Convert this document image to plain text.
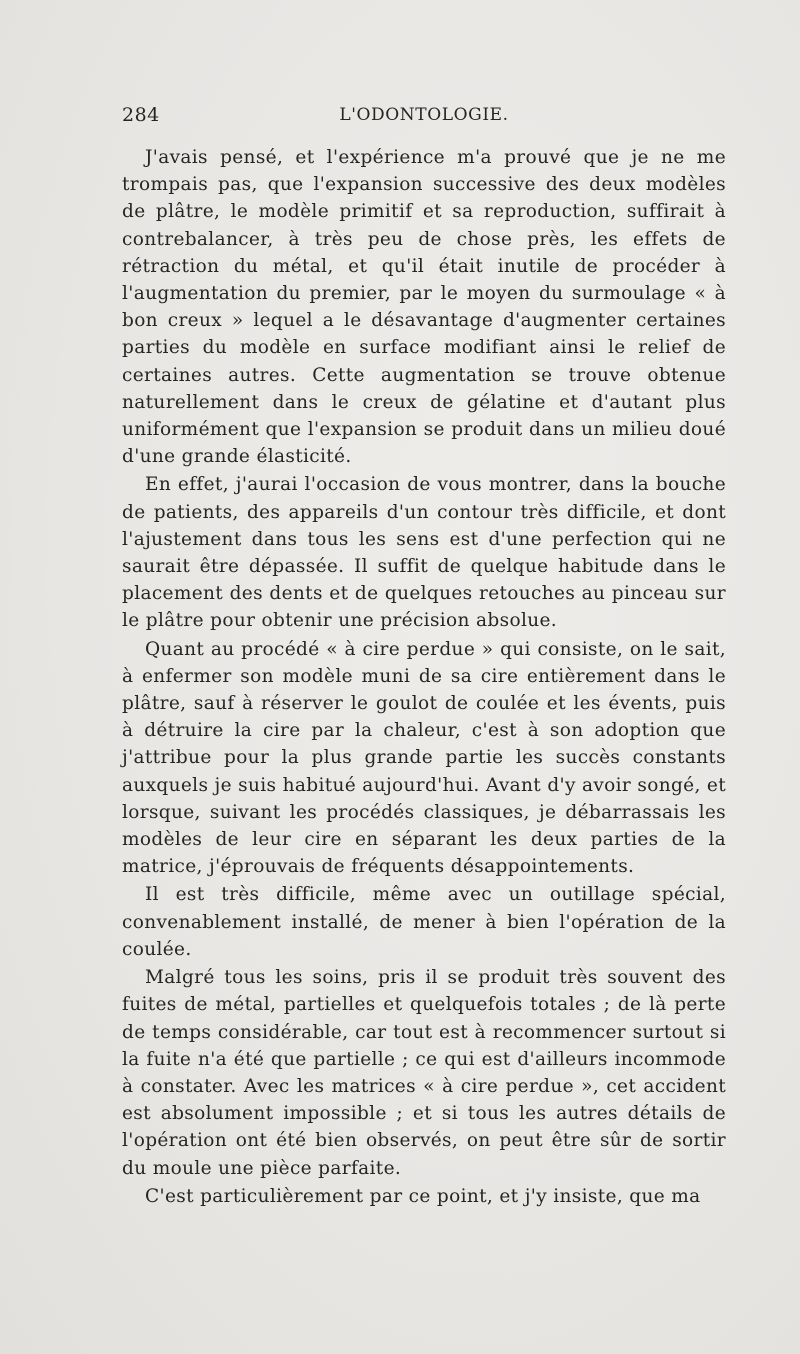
284	L'ODONTOLOGIE.

J'avais pensé, et l'expérience m'a prouvé que je ne me trompais pas, que l'expansion successive des deux modèles de plâtre, le modèle primitif et sa reproduction, suffirait à contrebalancer, à très peu de chose près, les effets de rétraction du métal, et qu'il était inutile de procéder à l'augmentation du premier, par le moyen du surmoulage « à bon creux » lequel a le désavantage d'augmenter certaines parties du modèle en surface modifiant ainsi le relief de certaines autres. Cette augmentation se trouve obtenue naturellement dans le creux de gélatine et d'autant plus uniformément que l'expansion se produit dans un milieu doué d'une grande élasticité.

En effet, j'aurai l'occasion de vous montrer, dans la bouche de patients, des appareils d'un contour très difficile, et dont l'ajustement dans tous les sens est d'une perfection qui ne saurait être dépassée. Il suffit de quelque habitude dans le placement des dents et de quelques retouches au pinceau sur le plâtre pour obtenir une précision absolue.

Quant au procédé « à cire perdue » qui consiste, on le sait, à enfermer son modèle muni de sa cire entièrement dans le plâtre, sauf à réserver le goulot de coulée et les évents, puis à détruire la cire par la chaleur, c'est à son adoption que j'attribue pour la plus grande partie les succès constants auxquels je suis habitué aujourd'hui. Avant d'y avoir songé, et lorsque, suivant les procédés classiques, je débarrassais les modèles de leur cire en séparant les deux parties de la matrice, j'éprouvais de fréquents désappointements.

Il est très difficile, même avec un outillage spécial, convenablement installé, de mener à bien l'opération de la coulée.

Malgré tous les soins, pris il se produit très souvent des fuites de métal, partielles et quelquefois totales ; de là perte de temps considérable, car tout est à recommencer surtout si la fuite n'a été que partielle ; ce qui est d'ailleurs incommode à constater. Avec les matrices « à cire perdue », cet accident est absolument impossible ; et si tous les autres détails de l'opération ont été bien observés, on peut être sûr de sortir du moule une pièce parfaite.

C'est particulièrement par ce point, et j'y insiste, que ma
